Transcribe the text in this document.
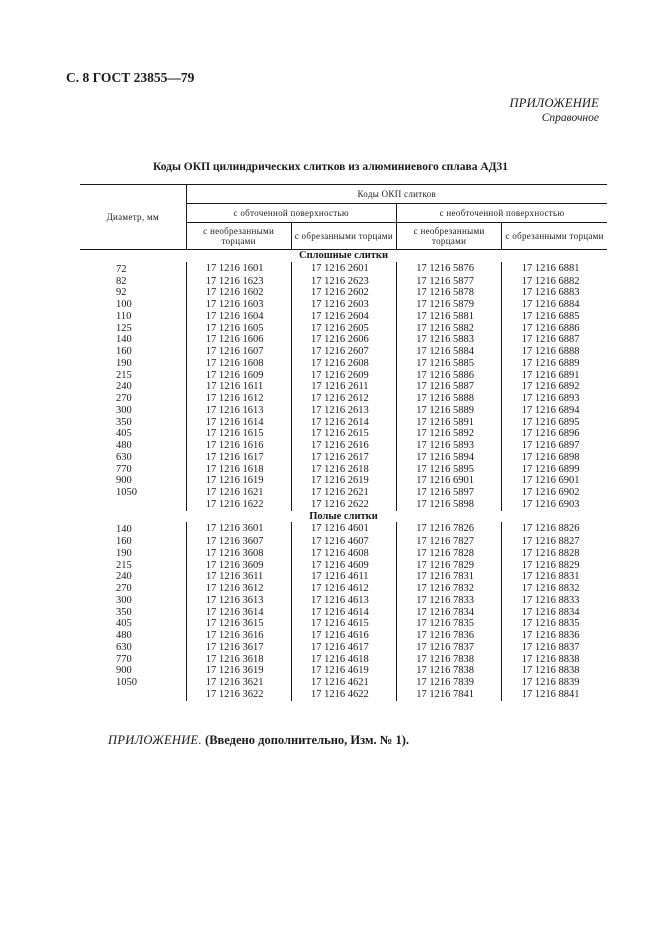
С. 8 ГОСТ 23855—79
ПРИЛОЖЕНИЕ
Справочное
Коды ОКП цилиндрических слитков из алюминиевого сплава АД31
Диаметр, мм	Коды ОКП слитков			
	с обточенной поверхностью		с необточенной поверхностью	
	с необрезанными торцами	с обрезанными торцами	с необрезанными торцами	с обрезанными торцами
Сплошные слитки				
72	17 1216 1601	17 1216 2601	17 1216 5876	17 1216 6881
82	17 1216 1623	17 1216 2623	17 1216 5877	17 1216 6882
92	17 1216 1602	17 1216 2602	17 1216 5878	17 1216 6883
100	17 1216 1603	17 1216 2603	17 1216 5879	17 1216 6884
110	17 1216 1604	17 1216 2604	17 1216 5881	17 1216 6885
125	17 1216 1605	17 1216 2605	17 1216 5882	17 1216 6886
140	17 1216 1606	17 1216 2606	17 1216 5883	17 1216 6887
160	17 1216 1607	17 1216 2607	17 1216 5884	17 1216 6888
190	17 1216 1608	17 1216 2608	17 1216 5885	17 1216 6889
215	17 1216 1609	17 1216 2609	17 1216 5886	17 1216 6891
240	17 1216 1611	17 1216 2611	17 1216 5887	17 1216 6892
270	17 1216 1612	17 1216 2612	17 1216 5888	17 1216 6893
300	17 1216 1613	17 1216 2613	17 1216 5889	17 1216 6894
350	17 1216 1614	17 1216 2614	17 1216 5891	17 1216 6895
405	17 1216 1615	17 1216 2615	17 1216 5892	17 1216 6896
480	17 1216 1616	17 1216 2616	17 1216 5893	17 1216 6897
630	17 1216 1617	17 1216 2617	17 1216 5894	17 1216 6898
770	17 1216 1618	17 1216 2618	17 1216 5895	17 1216 6899
900	17 1216 1619	17 1216 2619	17 1216 6901	17 1216 6901
1050	17 1216 1621	17 1216 2621	17 1216 5897	17 1216 6902
	17 1216 1622	17 1216 2622	17 1216 5898	17 1216 6903
Полые слитки				
140	17 1216 3601	17 1216 4601	17 1216 7826	17 1216 8826
160	17 1216 3607	17 1216 4607	17 1216 7827	17 1216 8827
190	17 1216 3608	17 1216 4608	17 1216 7828	17 1216 8828
215	17 1216 3609	17 1216 4609	17 1216 7829	17 1216 8829
240	17 1216 3611	17 1216 4611	17 1216 7831	17 1216 8831
270	17 1216 3612	17 1216 4612	17 1216 7832	17 1216 8832
300	17 1216 3613	17 1216 4613	17 1216 7833	17 1216 8833
350	17 1216 3614	17 1216 4614	17 1216 7834	17 1216 8834
405	17 1216 3615	17 1216 4615	17 1216 7835	17 1216 8835
480	17 1216 3616	17 1216 4616	17 1216 7836	17 1216 8836
630	17 1216 3617	17 1216 4617	17 1216 7837	17 1216 8837
770	17 1216 3618	17 1216 4618	17 1216 7838	17 1216 8838
900	17 1216 3619	17 1216 4619	17 1216 7838	17 1216 8838
1050	17 1216 3621	17 1216 4621	17 1216 7839	17 1216 8839
	17 1216 3622	17 1216 4622	17 1216 7841	17 1216 8841
ПРИЛОЖЕНИЕ. (Введено дополнительно, Изм. № 1).
